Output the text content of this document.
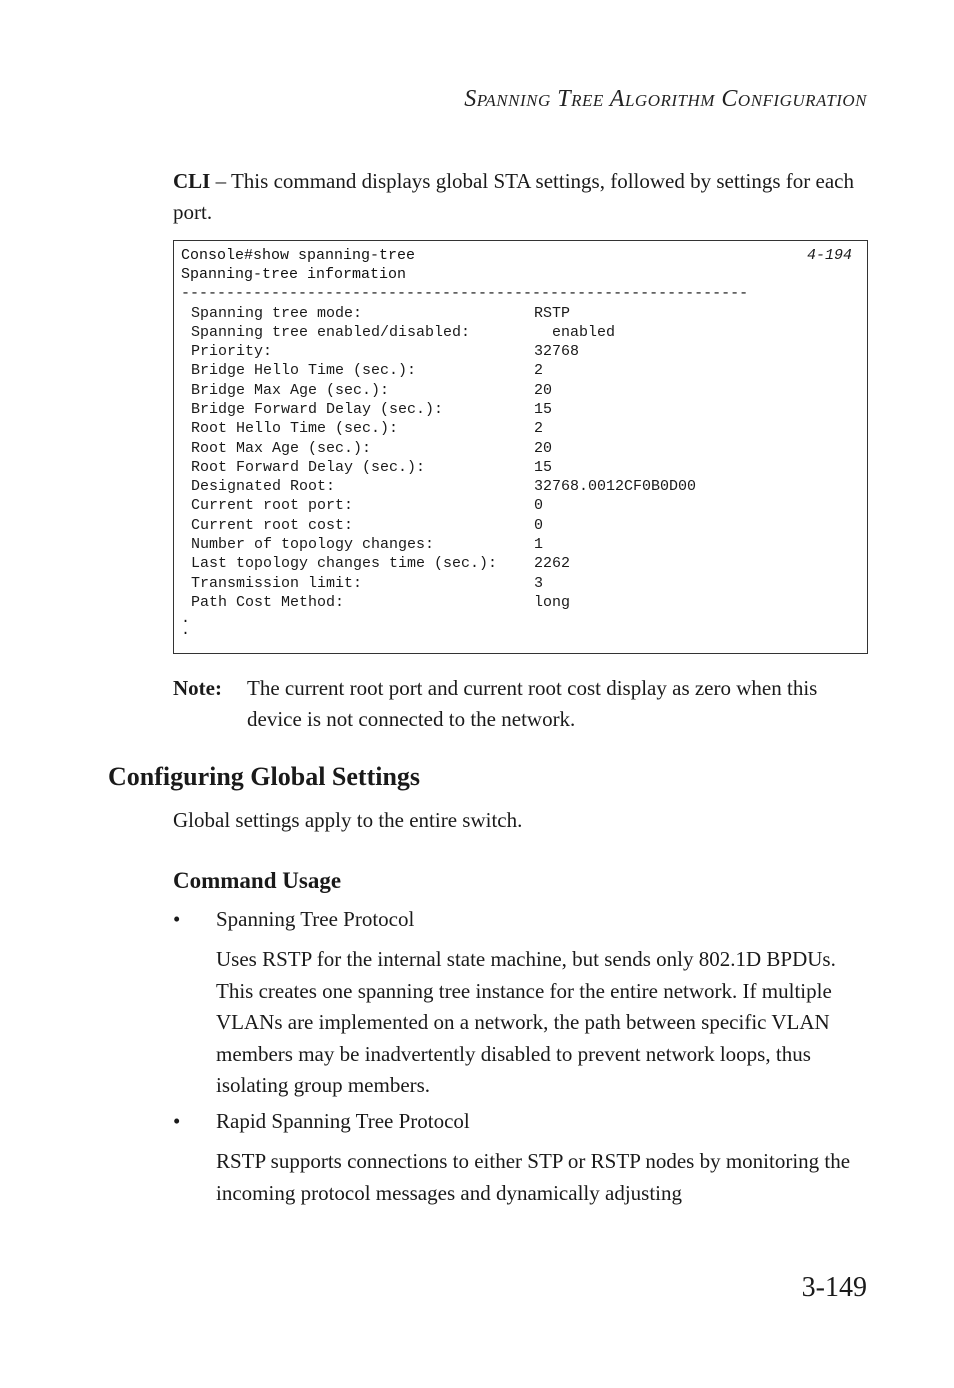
Spanning Tree Algorithm Configuration
CLI – This command displays global STA settings, followed by settings for each port.
Console#show spanning-tree	4-194
Spanning-tree information
---------------------------------------------------------------
Spanning tree mode:	RSTP
Spanning tree enabled/disabled:	enabled
Priority:	32768
Bridge Hello Time (sec.):	2
Bridge Max Age (sec.):	20
Bridge Forward Delay (sec.):	15
Root Hello Time (sec.):	2
Root Max Age (sec.):	20
Root Forward Delay (sec.):	15
Designated Root:	32768.0012CF0B0D00
Current root port:	0
Current root cost:	0
Number of topology changes:	1
Last topology changes time (sec.): 2262
Transmission limit:	3
Path Cost Method:	long
.
.
Note: The current root port and current root cost display as zero when this device is not connected to the network.
Configuring Global Settings
Global settings apply to the entire switch.
Command Usage
• Spanning Tree Protocol
Uses RSTP for the internal state machine, but sends only 802.1D BPDUs. This creates one spanning tree instance for the entire network. If multiple VLANs are implemented on a network, the path between specific VLAN members may be inadvertently disabled to prevent network loops, thus isolating group members.
• Rapid Spanning Tree Protocol
RSTP supports connections to either STP or RSTP nodes by monitoring the incoming protocol messages and dynamically adjusting
3-149
